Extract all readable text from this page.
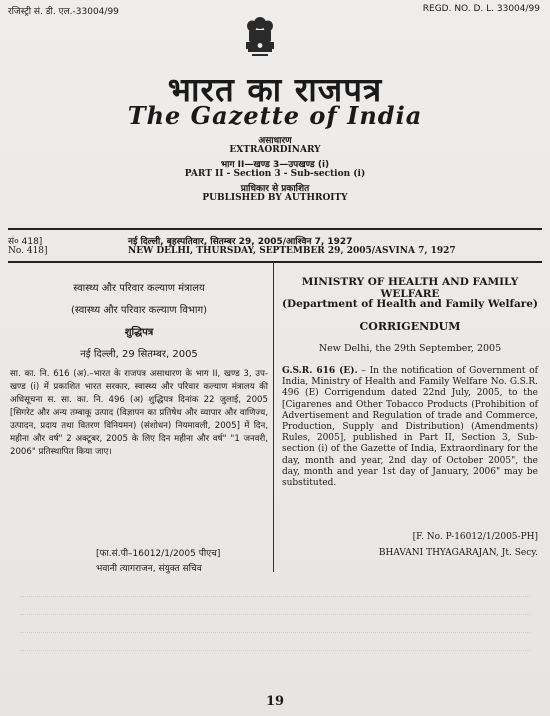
रजिस्ट्री सं. डी. एल.-33004/99	REGD. NO. D. L. 33004/99
भारत का राजपत्र
The Gazette of India
असाधारण
EXTRAORDINARY
भाग II—खण्ड 3—उपखण्ड (i)
PART II - Section 3 - Sub-section (i)
प्राधिकार से प्रकाशित
PUBLISHED BY AUTHROITY
सं० 418]
No. 418]
नई दिल्ली, बृहस्पतिवार, सितम्बर 29, 2005/आश्विन 7, 1927
NEW DELHI, THURSDAY, SEPTEMBER 29, 2005/ASVINA 7, 1927
स्वास्थ्य और परिवार कल्याण मंत्रालय
(स्वास्थ्य और परिवार कल्याण विभाग)
शुद्धिपत्र
नई दिल्ली, 29 सितम्बर, 2005
सा. का. नि. 616 (अ).–भारत के राजपत्र असाधारण के भाग II, खण्ड 3, उप-खण्ड (i) में प्रकाशित भारत सरकार, स्वास्थ्य और परिवार कल्याण मंत्रालय की अधिसूचना स. सा. का. नि. 496 (अ) शुद्धिपत्र दिनांक 22 जुलाई, 2005 [सिगरेट और अन्य तम्बाकू उत्पाद (विज्ञापन का प्रतिषेध और व्यापार और वाणिज्य, उत्पादन, प्रदाय तथा वितरण विनियमन) (संशोधन) नियमावली, 2005] में दिन, महीना और वर्ष" 2 अक्टूबर, 2005 के लिए दिन महीना और वर्ष" "1 जनवरी, 2006" प्रतिस्थापित किया जाए।
[फा.सं.पी–16012/1/2005 पीएच]
भवानी त्यागराजन, संयुक्त सचिव
MINISTRY OF HEALTH AND FAMILY WELFARE
(Department of Health and Family Welfare)
CORRIGENDUM
New Delhi, the 29th September, 2005
G.S.R. 616 (E). – In the notification of Government of India, Ministry of Health and Family Welfare No. G.S.R. 496 (E) Corrigendum dated 22nd July, 2005, to the [Cigarenes and Other Tobacco Products (Prohibition of Advertisement and Regulation of trade and Commerce, Production, Supply and Distribution) (Amendments) Rules, 2005], published in Part II, Section 3, Sub-section (i) of the Gazette of India, Extraordinary for the day, month and year, 2nd day of October 2005", the day, month and year 1st day of January, 2006" may be substituted.
[F. No. P-16012/1/2005-PH]
BHAVANI THYAGARAJAN, Jt. Secy.
19
